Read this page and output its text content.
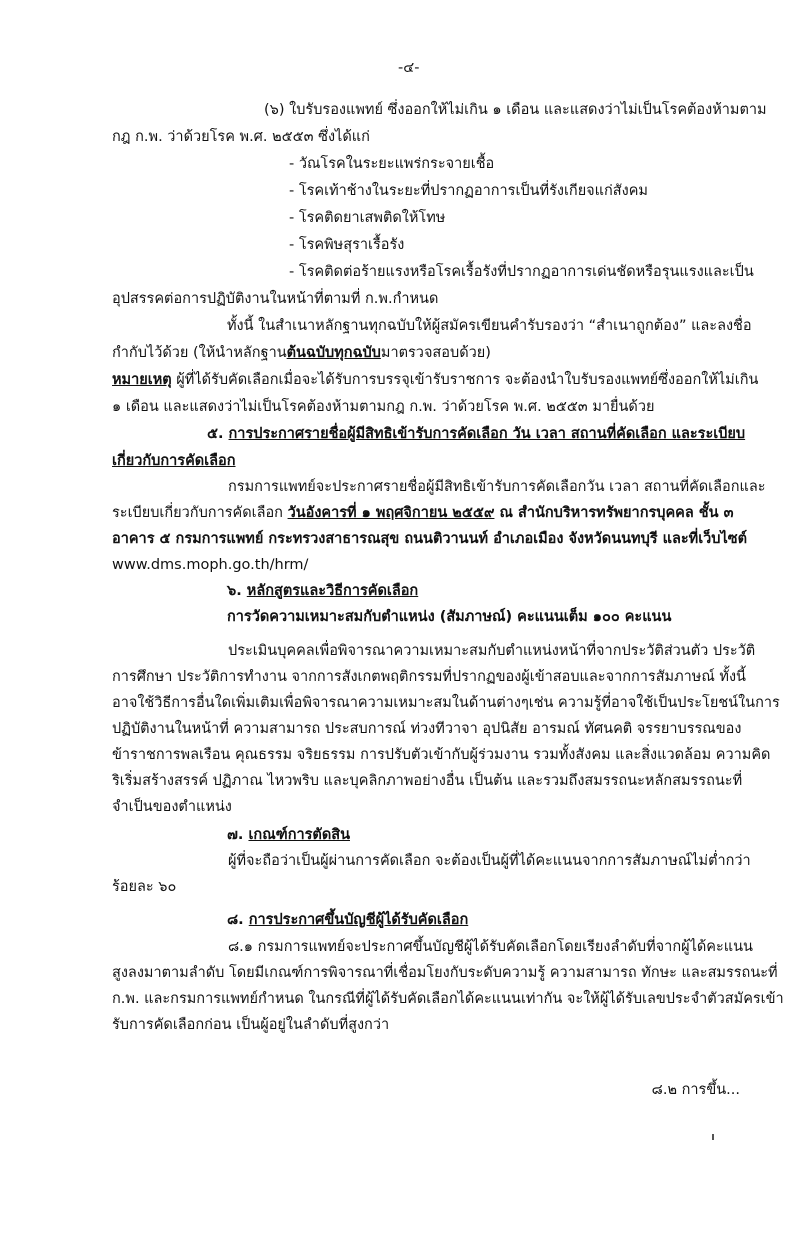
-๔-
(๖) ใบรับรองแพทย์ ซึ่งออกให้ไม่เกิน ๑ เดือน และแสดงว่าไม่เป็นโรคต้องห้ามตาม
กฎ ก.พ. ว่าด้วยโรค พ.ศ. ๒๕๕๓ ซึ่งได้แก่
- วัณโรคในระยะแพร่กระจายเชื้อ
- โรคเท้าช้างในระยะที่ปรากฏอาการเป็นที่รังเกียจแก่สังคม
- โรคติดยาเสพติดให้โทษ
- โรคพิษสุราเรื้อรัง
- โรคติดต่อร้ายแรงหรือโรคเรื้อรังที่ปรากฏอาการเด่นชัดหรือรุนแรงและเป็น
อุปสรรคต่อการปฏิบัติงานในหน้าที่ตามที่ ก.พ.กำหนด
ทั้งนี้ ในสำเนาหลักฐานทุกฉบับให้ผู้สมัครเขียนคำรับรองว่า “สำเนาถูกต้อง” และลงชื่อ
กำกับไว้ด้วย (ให้นำหลักฐานต้นฉบับทุกฉบับมาตรวจสอบด้วย)
หมายเหตุ ผู้ที่ได้รับคัดเลือกเมื่อจะได้รับการบรรจุเข้ารับราชการ จะต้องนำใบรับรองแพทย์ซึ่งออกให้ไม่เกิน
๑ เดือน และแสดงว่าไม่เป็นโรคต้องห้ามตามกฎ ก.พ. ว่าด้วยโรค พ.ศ. ๒๕๕๓ มายื่นด้วย
๕. การประกาศรายชื่อผู้มีสิทธิเข้ารับการคัดเลือก วัน เวลา สถานที่คัดเลือก และระเบียบ
เกี่ยวกับการคัดเลือก
กรมการแพทย์จะประกาศรายชื่อผู้มีสิทธิเข้ารับการคัดเลือกวัน เวลา สถานที่คัดเลือกและ
ระเบียบเกี่ยวกับการคัดเลือก วันอังคารที่ ๑ พฤศจิกายน ๒๕๕๙ ณ สำนักบริหารทรัพยากรบุคคล ชั้น ๓
อาคาร ๕ กรมการแพทย์ กระทรวงสาธารณสุข ถนนติวานนท์ อำเภอเมือง จังหวัดนนทบุรี และที่เว็บไซต์
www.dms.moph.go.th/hrm/
๖. หลักสูตรและวิธีการคัดเลือก
การวัดความเหมาะสมกับตำแหน่ง (สัมภาษณ์) คะแนนเต็ม ๑๐๐ คะแนน
ประเมินบุคคลเพื่อพิจารณาความเหมาะสมกับตำแหน่งหน้าที่จากประวัติส่วนตัว ประวัติ
การศึกษา ประวัติการทำงาน จากการสังเกตพฤติกรรมที่ปรากฏของผู้เข้าสอบและจากการสัมภาษณ์ ทั้งนี้
อาจใช้วิธีการอื่นใดเพิ่มเติมเพื่อพิจารณาความเหมาะสมในด้านต่างๆเช่น ความรู้ที่อาจใช้เป็นประโยชน์ในการ
ปฏิบัติงานในหน้าที่ ความสามารถ ประสบการณ์ ท่วงทีวาจา อุปนิสัย อารมณ์ ทัศนคติ จรรยาบรรณของ
ข้าราชการพลเรือน คุณธรรม จริยธรรม การปรับตัวเข้ากับผู้ร่วมงาน รวมทั้งสังคม และสิ่งแวดล้อม ความคิด
ริเริ่มสร้างสรรค์ ปฏิภาณ ไหวพริบ และบุคลิกภาพอย่างอื่น เป็นต้น และรวมถึงสมรรถนะหลักสมรรถนะที่
จำเป็นของตำแหน่ง
๗. เกณฑ์การตัดสิน
ผู้ที่จะถือว่าเป็นผู้ผ่านการคัดเลือก จะต้องเป็นผู้ที่ได้คะแนนจากการสัมภาษณ์ไม่ต่ำกว่า
ร้อยละ ๖๐
๘. การประกาศขึ้นบัญชีผู้ได้รับคัดเลือก
๘.๑ กรมการแพทย์จะประกาศขึ้นบัญชีผู้ได้รับคัดเลือกโดยเรียงลำดับที่จากผู้ได้คะแนน
สูงลงมาตามลำดับ โดยมีเกณฑ์การพิจารณาที่เชื่อมโยงกับระดับความรู้ ความสามารถ ทักษะ และสมรรถนะที่
ก.พ. และกรมการแพทย์กำหนด ในกรณีที่ผู้ได้รับคัดเลือกได้คะแนนเท่ากัน จะให้ผู้ได้รับเลขประจำตัวสมัครเข้า
รับการคัดเลือกก่อน เป็นผู้อยู่ในลำดับที่สูงกว่า
๘.๒ การขึ้น...
